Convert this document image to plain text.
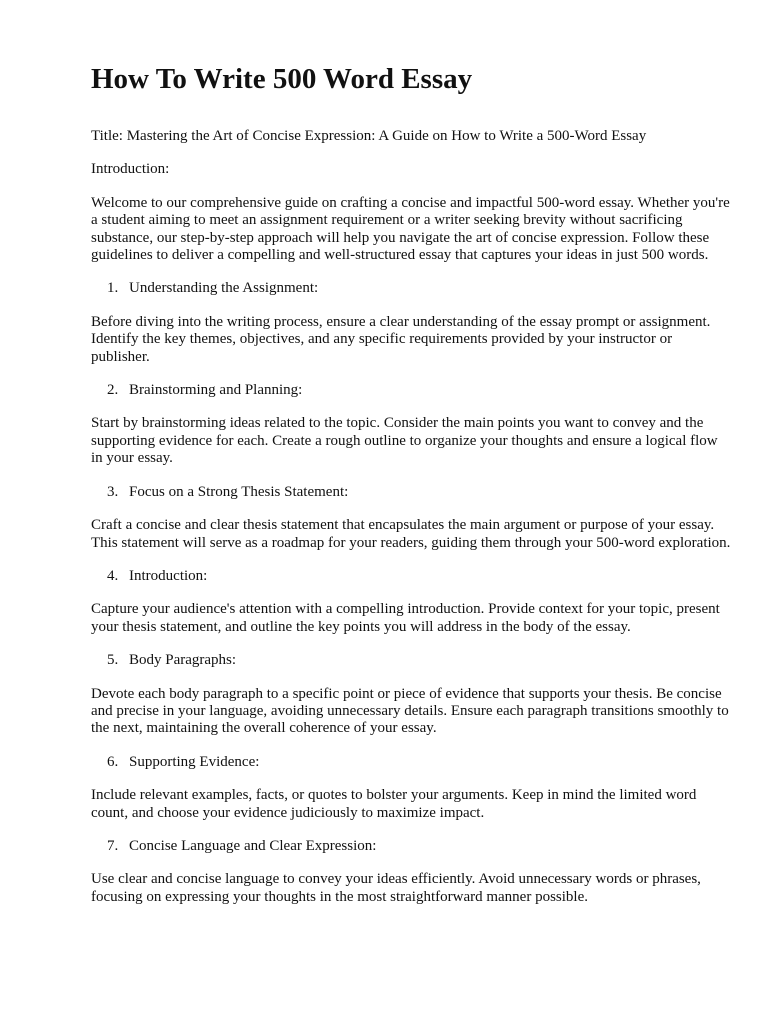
How To Write 500 Word Essay

Title: Mastering the Art of Concise Expression: A Guide on How to Write a 500-Word Essay

Introduction:

Welcome to our comprehensive guide on crafting a concise and impactful 500-word essay. Whether you're a student aiming to meet an assignment requirement or a writer seeking brevity without sacrificing substance, our step-by-step approach will help you navigate the art of concise expression. Follow these guidelines to deliver a compelling and well-structured essay that captures your ideas in just 500 words.

1. Understanding the Assignment:

Before diving into the writing process, ensure a clear understanding of the essay prompt or assignment. Identify the key themes, objectives, and any specific requirements provided by your instructor or publisher.

2. Brainstorming and Planning:

Start by brainstorming ideas related to the topic. Consider the main points you want to convey and the supporting evidence for each. Create a rough outline to organize your thoughts and ensure a logical flow in your essay.

3. Focus on a Strong Thesis Statement:

Craft a concise and clear thesis statement that encapsulates the main argument or purpose of your essay. This statement will serve as a roadmap for your readers, guiding them through your 500-word exploration.

4. Introduction:

Capture your audience's attention with a compelling introduction. Provide context for your topic, present your thesis statement, and outline the key points you will address in the body of the essay.

5. Body Paragraphs:

Devote each body paragraph to a specific point or piece of evidence that supports your thesis. Be concise and precise in your language, avoiding unnecessary details. Ensure each paragraph transitions smoothly to the next, maintaining the overall coherence of your essay.

6. Supporting Evidence:

Include relevant examples, facts, or quotes to bolster your arguments. Keep in mind the limited word count, and choose your evidence judiciously to maximize impact.

7. Concise Language and Clear Expression:

Use clear and concise language to convey your ideas efficiently. Avoid unnecessary words or phrases, focusing on expressing your thoughts in the most straightforward manner possible.
